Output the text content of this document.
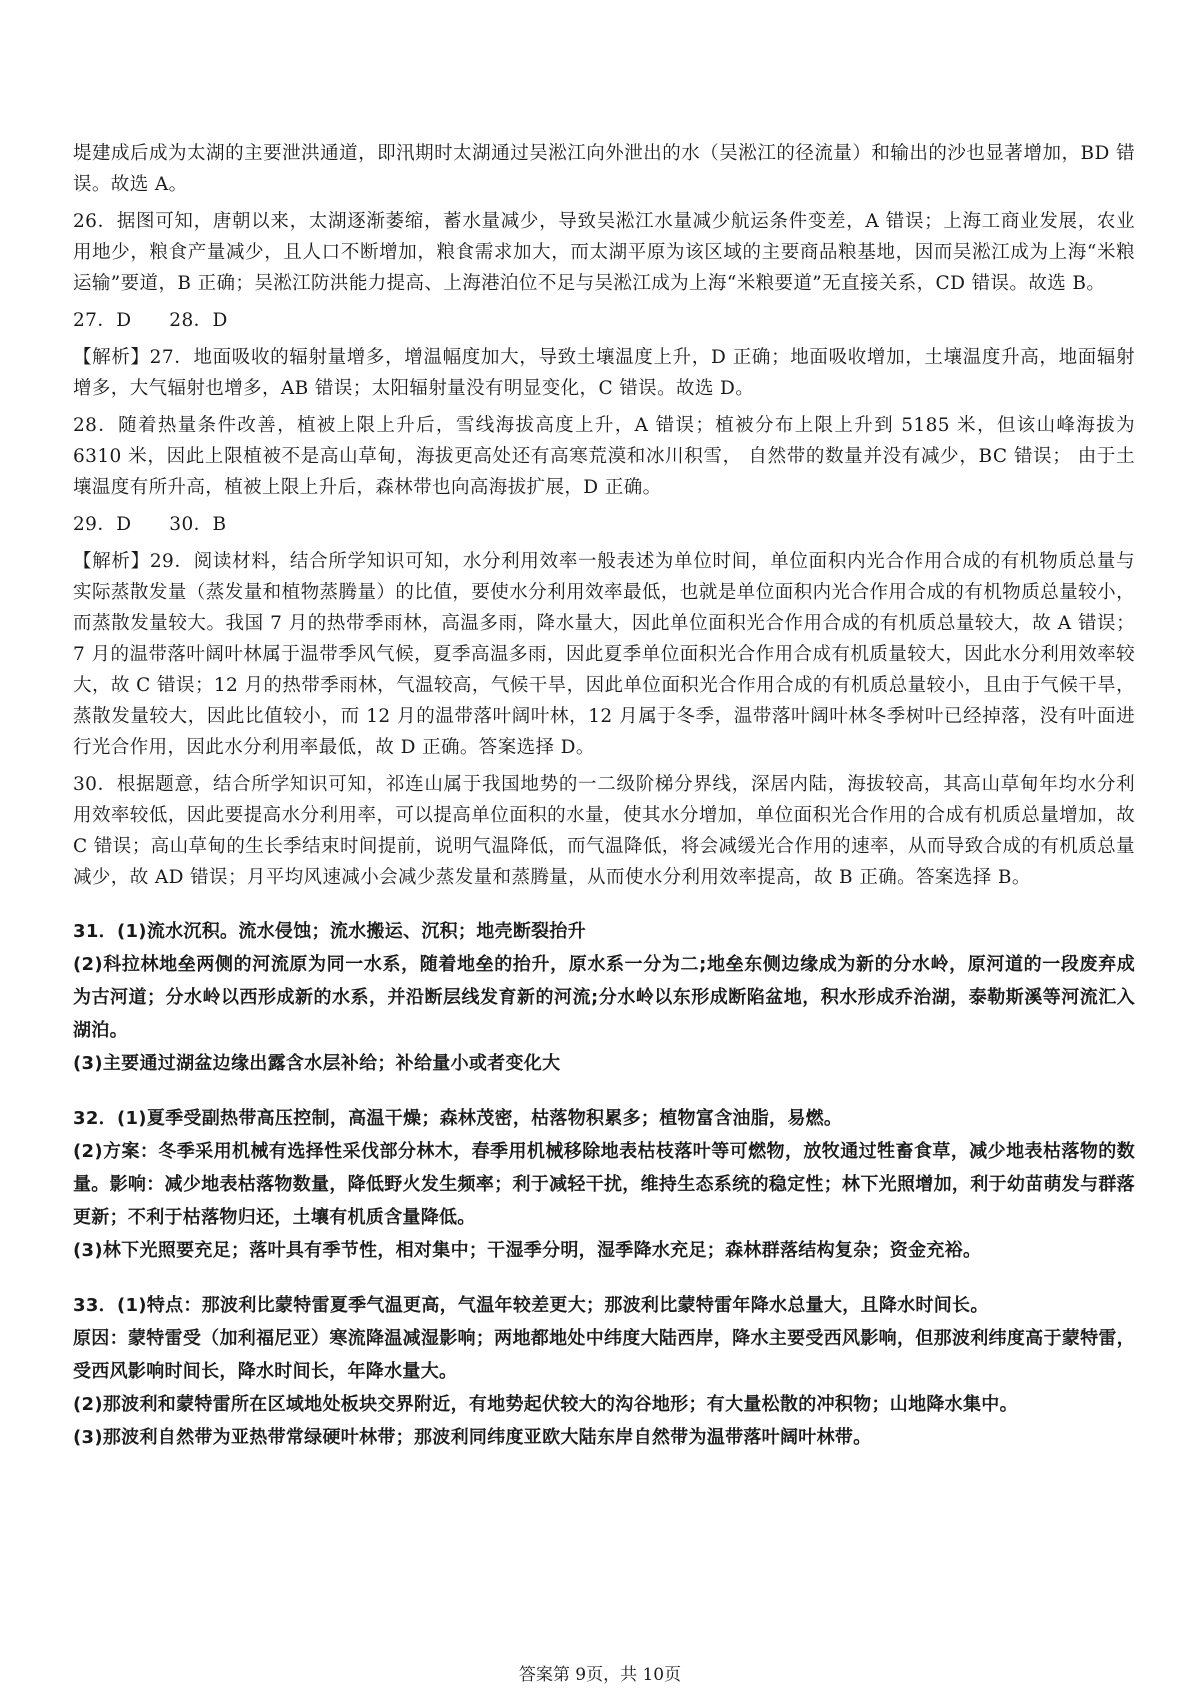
堤建成后成为太湖的主要泄洪通道，即汛期时太湖通过吴淞江向外泄出的水（吴淞江的径流量）和输出的沙也显著增加，BD 错误。故选 A。

26．据图可知，唐朝以来，太湖逐渐萎缩，蓄水量减少，导致吴淞江水量减少航运条件变差，A 错误；上海工商业发展，农业用地少，粮食产量减少，且人口不断增加，粮食需求加大，而太湖平原为该区域的主要商品粮基地，因而吴淞江成为上海“米粮运输”要道，B 正确；吴淞江防洪能力提高、上海港泊位不足与吴淞江成为上海“米粮要道”无直接关系，CD 错误。故选 B。

27．D　　28．D

【解析】27．地面吸收的辐射量增多，增温幅度加大，导致土壤温度上升，D 正确；地面吸收增加，土壤温度升高，地面辐射增多，大气辐射也增多，AB 错误；太阳辐射量没有明显变化，C 错误。故选 D。

28．随着热量条件改善，植被上限上升后，雪线海拔高度上升，A 错误；植被分布上限上升到 5185 米，但该山峰海拔为 6310 米，因此上限植被不是高山草甸，海拔更高处还有高寒荒漠和冰川积雪， 自然带的数量并没有减少，BC 错误； 由于土壤温度有所升高，植被上限上升后，森林带也向高海拔扩展，D 正确。

29．D　　30．B

【解析】29．阅读材料，结合所学知识可知，水分利用效率一般表述为单位时间，单位面积内光合作用合成的有机物质总量与实际蒸散发量（蒸发量和植物蒸腾量）的比值，要使水分利用效率最低，也就是单位面积内光合作用合成的有机物质总量较小，而蒸散发量较大。我国 7 月的热带季雨林，高温多雨，降水量大，因此单位面积光合作用合成的有机质总量较大，故 A 错误；7 月的温带落叶阔叶林属于温带季风气候，夏季高温多雨，因此夏季单位面积光合作用合成有机质量较大，因此水分利用效率较大，故 C 错误；12 月的热带季雨林，气温较高，气候干旱，因此单位面积光合作用合成的有机质总量较小，且由于气候干旱，蒸散发量较大，因此比值较小，而 12 月的温带落叶阔叶林，12 月属于冬季，温带落叶阔叶林冬季树叶已经掉落，没有叶面进行光合作用，因此水分利用率最低，故 D 正确。答案选择 D。

30．根据题意，结合所学知识可知，祁连山属于我国地势的一二级阶梯分界线，深居内陆，海拔较高，其高山草甸年均水分利用效率较低，因此要提高水分利用率，可以提高单位面积的水量，使其水分增加，单位面积光合作用的合成有机质总量增加，故 C 错误；高山草甸的生长季结束时间提前，说明气温降低，而气温降低，将会减缓光合作用的速率，从而导致合成的有机质总量减少，故 AD 错误；月平均风速减小会减少蒸发量和蒸腾量，从而使水分利用效率提高，故 B 正确。答案选择 B。

31．(1)流水沉积。流水侵蚀；流水搬运、沉积；地壳断裂抬升

(2)科拉林地垒两侧的河流原为同一水系，随着地垒的抬升，原水系一分为二;地垒东侧边缘成为新的分水岭，原河道的一段废弃成为古河道；分水岭以西形成新的水系，并沿断层线发育新的河流;分水岭以东形成断陷盆地，积水形成乔治湖，泰勒斯溪等河流汇入湖泊。

(3)主要通过湖盆边缘出露含水层补给；补给量小或者变化大

32．(1)夏季受副热带高压控制，高温干燥；森林茂密，枯落物积累多；植物富含油脂，易燃。

(2)方案：冬季采用机械有选择性采伐部分林木，春季用机械移除地表枯枝落叶等可燃物，放牧通过牲畜食草，减少地表枯落物的数量。影响：减少地表枯落物数量，降低野火发生频率；利于减轻干扰，维持生态系统的稳定性；林下光照增加，利于幼苗萌发与群落更新；不利于枯落物归还，土壤有机质含量降低。

(3)林下光照要充足；落叶具有季节性，相对集中；干湿季分明，湿季降水充足；森林群落结构复杂；资金充裕。

33．(1)特点：那波利比蒙特雷夏季气温更高，气温年较差更大；那波利比蒙特雷年降水总量大，且降水时间长。

原因：蒙特雷受（加利福尼亚）寒流降温减湿影响；两地都地处中纬度大陆西岸，降水主要受西风影响，但那波利纬度高于蒙特雷，受西风影响时间长，降水时间长，年降水量大。

(2)那波利和蒙特雷所在区域地处板块交界附近，有地势起伏较大的沟谷地形；有大量松散的冲积物；山地降水集中。

(3)那波利自然带为亚热带常绿硬叶林带；那波利同纬度亚欧大陆东岸自然带为温带落叶阔叶林带。

答案第 9页，共 10页
